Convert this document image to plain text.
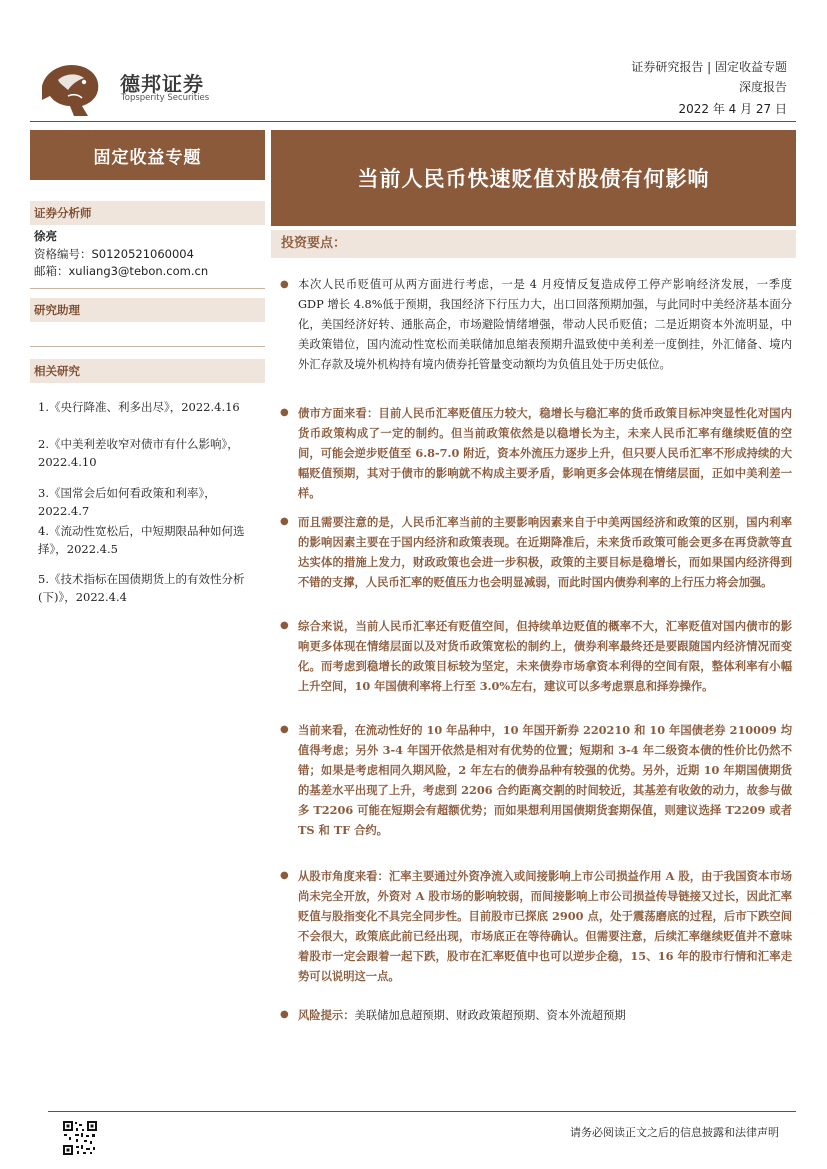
德邦证券
Topsperity Securities
证券研究报告 | 固定收益专题
深度报告
2022 年 4 月 27 日
固定收益专题
证券分析师
徐亮
资格编号：S0120521060004
邮箱：xuliang3@tebon.com.cn
研究助理
相关研究
1.《央行降准、利多出尽》，2022.4.16
2.《中美利差收窄对债市有什么影响》，2022.4.10
3.《国常会后如何看政策和利率》，2022.4.7
4.《流动性宽松后，中短期限品种如何选择》，2022.4.5
5.《技术指标在国债期货上的有效性分析(下)》，2022.4.4
当前人民币快速贬值对股债有何影响
投资要点：
● 本次人民币贬值可从两方面进行考虑，一是 4 月疫情反复造成停工停产影响经济发展，一季度 GDP 增长 4.8%低于预期，我国经济下行压力大，出口回落预期加强，与此同时中美经济基本面分化，美国经济好转、通胀高企，市场避险情绪增强，带动人民币贬值；二是近期资本外流明显，中美政策错位，国内流动性宽松而美联储加息缩表预期升温致使中美利差一度倒挂，外汇储备、境内外汇存款及境外机构持有境内债券托管量变动额均为负值且处于历史低位。
● 债市方面来看：目前人民币汇率贬值压力较大，稳增长与稳汇率的货币政策目标冲突显性化对国内货币政策构成了一定的制约。但当前政策依然是以稳增长为主，未来人民币汇率有继续贬值的空间，可能会逆步贬值至 6.8-7.0 附近，资本外流压力逐步上升，但只要人民币汇率不形成持续的大幅贬值预期，其对于债市的影响就不构成主要矛盾，影响更多会体现在情绪层面，正如中美利差一样。
● 而且需要注意的是，人民币汇率当前的主要影响因素来自于中美两国经济和政策的区别，国内利率的影响因素主要在于国内经济和政策表现。在近期降准后，未来货币政策可能会更多在再贷款等直达实体的措施上发力，财政政策也会进一步积极，政策的主要目标是稳增长，而如果国内经济得到不错的支撑，人民币汇率的贬值压力也会明显减弱，而此时国内债券利率的上行压力将会加强。
● 综合来说，当前人民币汇率还有贬值空间，但持续单边贬值的概率不大，汇率贬值对国内债市的影响更多体现在情绪层面以及对货币政策宽松的制约上，债券利率最终还是要跟随国内经济情况而变化。而考虑到稳增长的政策目标较为坚定，未来债券市场拿资本利得的空间有限，整体利率有小幅上升空间，10 年国债利率将上行至 3.0%左右，建议可以多考虑票息和择券操作。
● 当前来看，在流动性好的 10 年品种中，10 年国开新券 220210 和 10 年国债老券 210009 均值得考虑；另外 3-4 年国开依然是相对有优势的位置；短期和 3-4 年二级资本债的性价比仍然不错；如果是考虑相同久期风险，2 年左右的债券品种有较强的优势。另外，近期 10 年期国债期货的基差水平出现了上升，考虑到 2206 合约距离交割的时间较近，其基差有收敛的动力，故参与做多 T2206 可能在短期会有超额优势；而如果想利用国债期货套期保值，则建议选择 T2209 或者 TS 和 TF 合约。
● 从股市角度来看：汇率主要通过外资净流入或间接影响上市公司损益作用 A 股，由于我国资本市场尚未完全开放，外资对 A 股市场的影响较弱，而间接影响上市公司损益传导链接又过长，因此汇率贬值与股指变化不具完全同步性。目前股市已探底 2900 点，处于震荡磨底的过程，后市下跌空间不会很大，政策底此前已经出现，市场底正在等待确认。但需要注意，后续汇率继续贬值并不意味着股市一定会跟着一起下跌，股市在汇率贬值中也可以逆步企稳，15、16 年的股市行情和汇率走势可以说明这一点。
● 风险提示：美联储加息超预期、财政政策超预期、资本外流超预期
请务必阅读正文之后的信息披露和法律声明
